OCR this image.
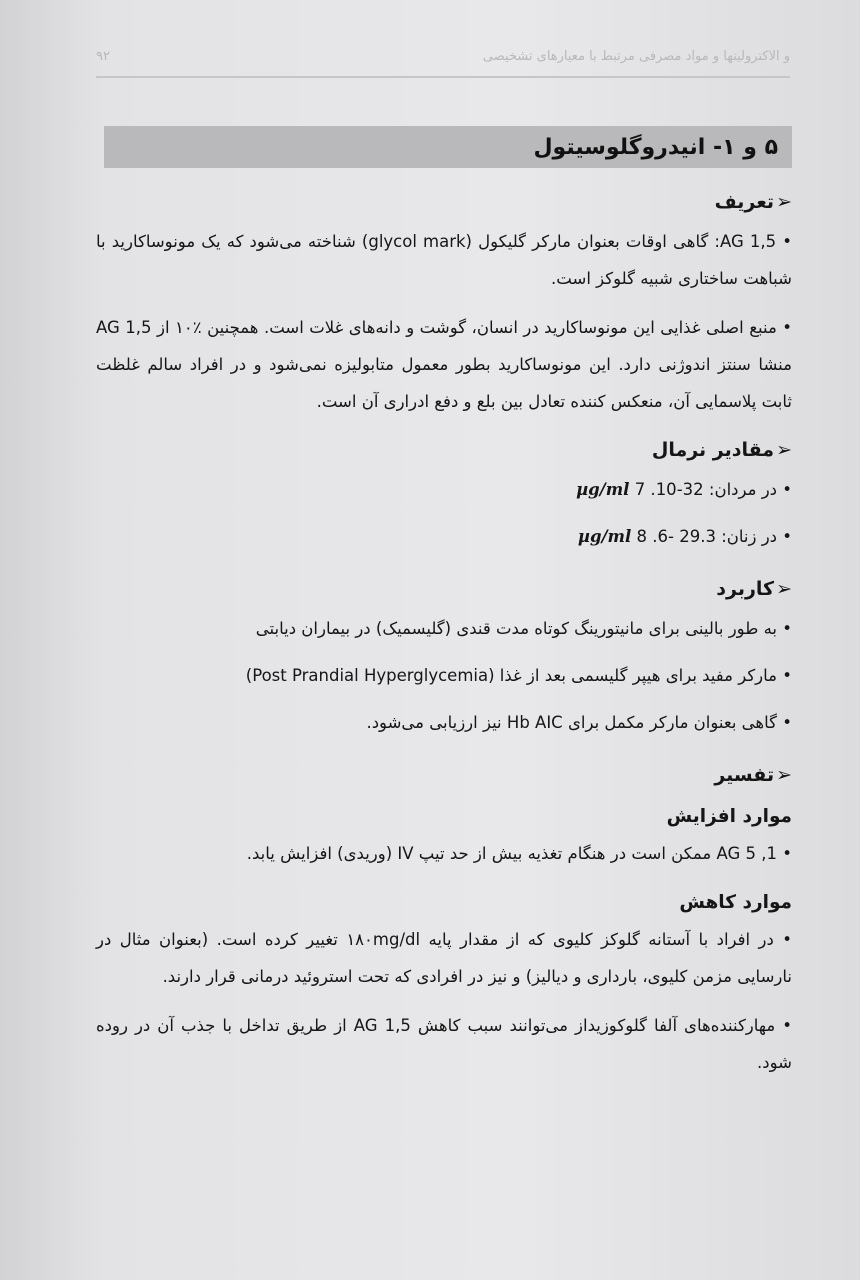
و الاکترولیتها و مواد مصرفی مرتبط با معیارهای تشخیصی
۹۲
۵ و ۱- انیدروگلوسیتول
➢تعریف

• 1,5 AG: گاهی اوقات بعنوان مارکر گلیکول (glycol mark) شناخته می‌شود که یک مونوساکارید با شباهت ساختاری شبیه گلوکز است.

• منبع اصلی غذایی این مونوساکارید در انسان، گوشت و دانه‌های غلات است. همچنین ٪۱۰ از 1,5 AG منشا سنتز اندوژنی دارد. این مونوساکارید بطور معمول متابولیزه نمی‌شود و در افراد سالم غلظت ثابت پلاسمایی آن، منعکس کننده تعادل بین بلع و دفع ادراری آن است.

➢مقادیر نرمال

• در مردان: 32-10. 7 µg/ml

• در زنان: 29.3 -6. 8 µg/ml

➢کاربرد

• به طور بالینی برای مانیتورینگ کوتاه مدت قندی (گلیسمیک) در بیماران دیابتی

• مارکر مفید برای هیپر گلیسمی بعد از غذا (Post Prandial Hyperglycemia)

• گاهی بعنوان مارکر مکمل برای Hb AIC نیز ارزیابی می‌شود.

➢تفسیر
موارد افزایش

• 1, 5 AG ممکن است در هنگام تغذیه بیش از حد تیپ IV (وریدی) افزایش یابد.

موارد کاهش

• در افراد با آستانه گلوکز کلیوی که از مقدار پایه ۱۸۰mg/dl تغییر کرده است. (بعنوان مثال در نارسایی مزمن کلیوی، بارداری و دیالیز) و نیز در افرادی که تحت استروئید درمانی قرار دارند.

• مهارکننده‌های آلفا گلوکوزیداز می‌توانند سبب کاهش 1,5 AG از طریق تداخل با جذب آن در روده شود.
